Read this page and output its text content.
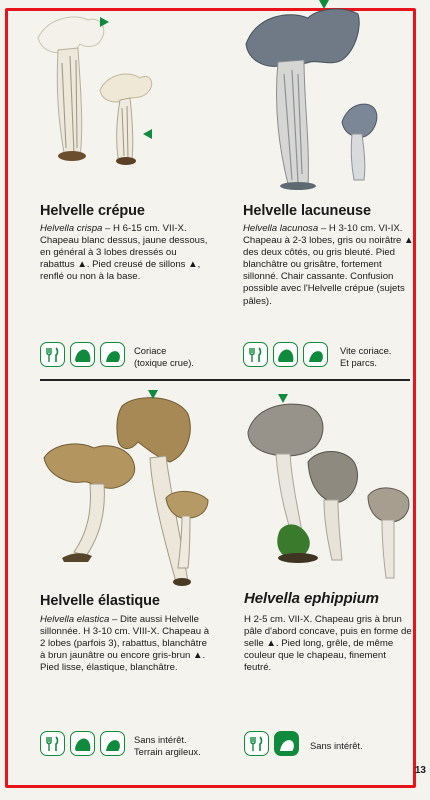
Helvelle crépue
Helvella crispa – H 6-15 cm. VII-X. Chapeau blanc dessus, jaune dessous, en général à 3 lobes dressés ou rabattus ▲. Pied creusé de sillons ▲, renflé ou non à la base.
Coriace
(toxique crue).
Helvelle lacuneuse
Helvella lacunosa – H 3-10 cm. VI-IX. Chapeau à 2-3 lobes, gris ou noirâtre ▲ des deux côtés, ou gris bleuté. Pied blanchâtre ou grisâtre, fortement sillonné. Chair cassante. Confusion possible avec l'Helvelle crépue (sujets pâles).
Vite coriace.
Et parcs.
Helvelle élastique
Helvella elastica – Dite aussi Helvelle sillonnée. H 3-10 cm. VIII-X. Chapeau à 2 lobes (parfois 3), rabattus, blanchâtre à brun jaunâtre ou encore gris-brun ▲. Pied lisse, élastique, blanchâtre.
Sans intérêt.
Terrain argileux.
Helvella ephippium
H 2-5 cm. VII-X. Chapeau gris à brun pâle d'abord concave, puis en forme de selle ▲. Pied long, grêle, de même couleur que le chapeau, finement feutré.
Sans intérêt.
13
